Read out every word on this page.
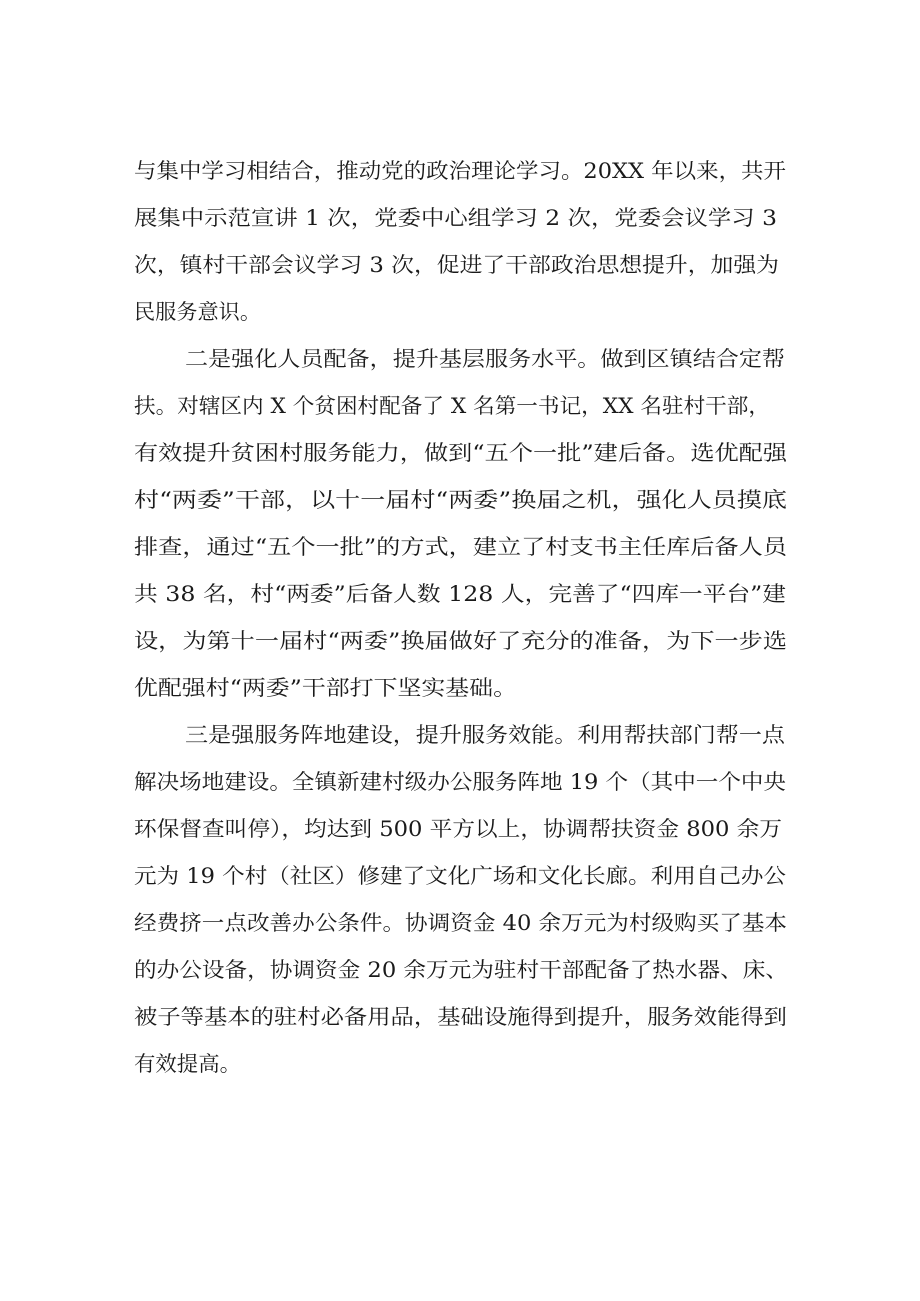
与集中学习相结合，推动党的政治理论学习。20XX 年以来，共开
展集中示范宣讲 1 次，党委中心组学习 2 次，党委会议学习 3
次，镇村干部会议学习 3 次，促进了干部政治思想提升，加强为
民服务意识。
二是强化人员配备，提升基层服务水平。做到区镇结合定帮
扶。对辖区内 X 个贫困村配备了 X 名第一书记，XX 名驻村干部，
有效提升贫困村服务能力，做到“五个一批”建后备。选优配强
村“两委”干部，以十一届村“两委”换届之机，强化人员摸底
排查，通过“五个一批”的方式，建立了村支书主任库后备人员
共 38 名，村“两委”后备人数 128 人，完善了“四库一平台”建
设，为第十一届村“两委”换届做好了充分的准备，为下一步选
优配强村“两委”干部打下坚实基础。
三是强服务阵地建设，提升服务效能。利用帮扶部门帮一点
解决场地建设。全镇新建村级办公服务阵地 19 个（其中一个中央
环保督查叫停），均达到 500 平方以上，协调帮扶资金 800 余万
元为 19 个村（社区）修建了文化广场和文化长廊。利用自己办公
经费挤一点改善办公条件。协调资金 40 余万元为村级购买了基本
的办公设备，协调资金 20 余万元为驻村干部配备了热水器、床、
被子等基本的驻村必备用品，基础设施得到提升，服务效能得到
有效提高。
